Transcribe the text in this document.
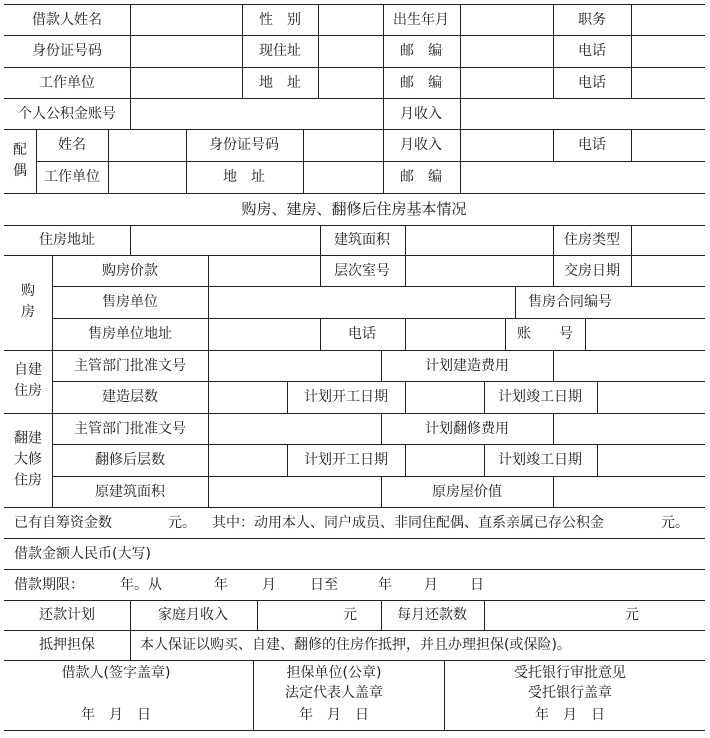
借款人姓名	性　别	出生年月	职务
身份证号码	现住址	邮　编	电话
工作单位	地　址	邮　编	电话
个人公积金账号	月收入
配
偶
姓名	身份证号码	月收入	电话
工作单位	地　址	邮　编
购房、建房、翻修后住房基本情况
住房地址	建筑面积	住房类型
购
房
购房价款	层次室号	交房日期
售房单位	售房合同编号
售房单位地址	电话	账　　号
自建
住房
主管部门批准文号	计划建造费用
建造层数	计划开工日期	计划竣工日期
翻建
大修
住房
主管部门批准文号	计划翻修费用
翻修后层数	计划开工日期	计划竣工日期
原建筑面积	原房屋价值
已有自筹资金数	元。 其中：动用本人、同户成员、非同住配偶、直系亲属已存公积金	元。
借款金额人民币(大写)
借款期限：	年。从	年 月 日至	年 月 日
还款计划	家庭月收入	元	每月还款数	元
抵押担保	本人保证以购买、自建、翻修的住房作抵押，并且办理担保(或保险)。
借款人(签字盖章)
年　月　日
担保单位(公章)
法定代表人盖章
年　月　日
受托银行审批意见
受托银行盖章
年　月　日
